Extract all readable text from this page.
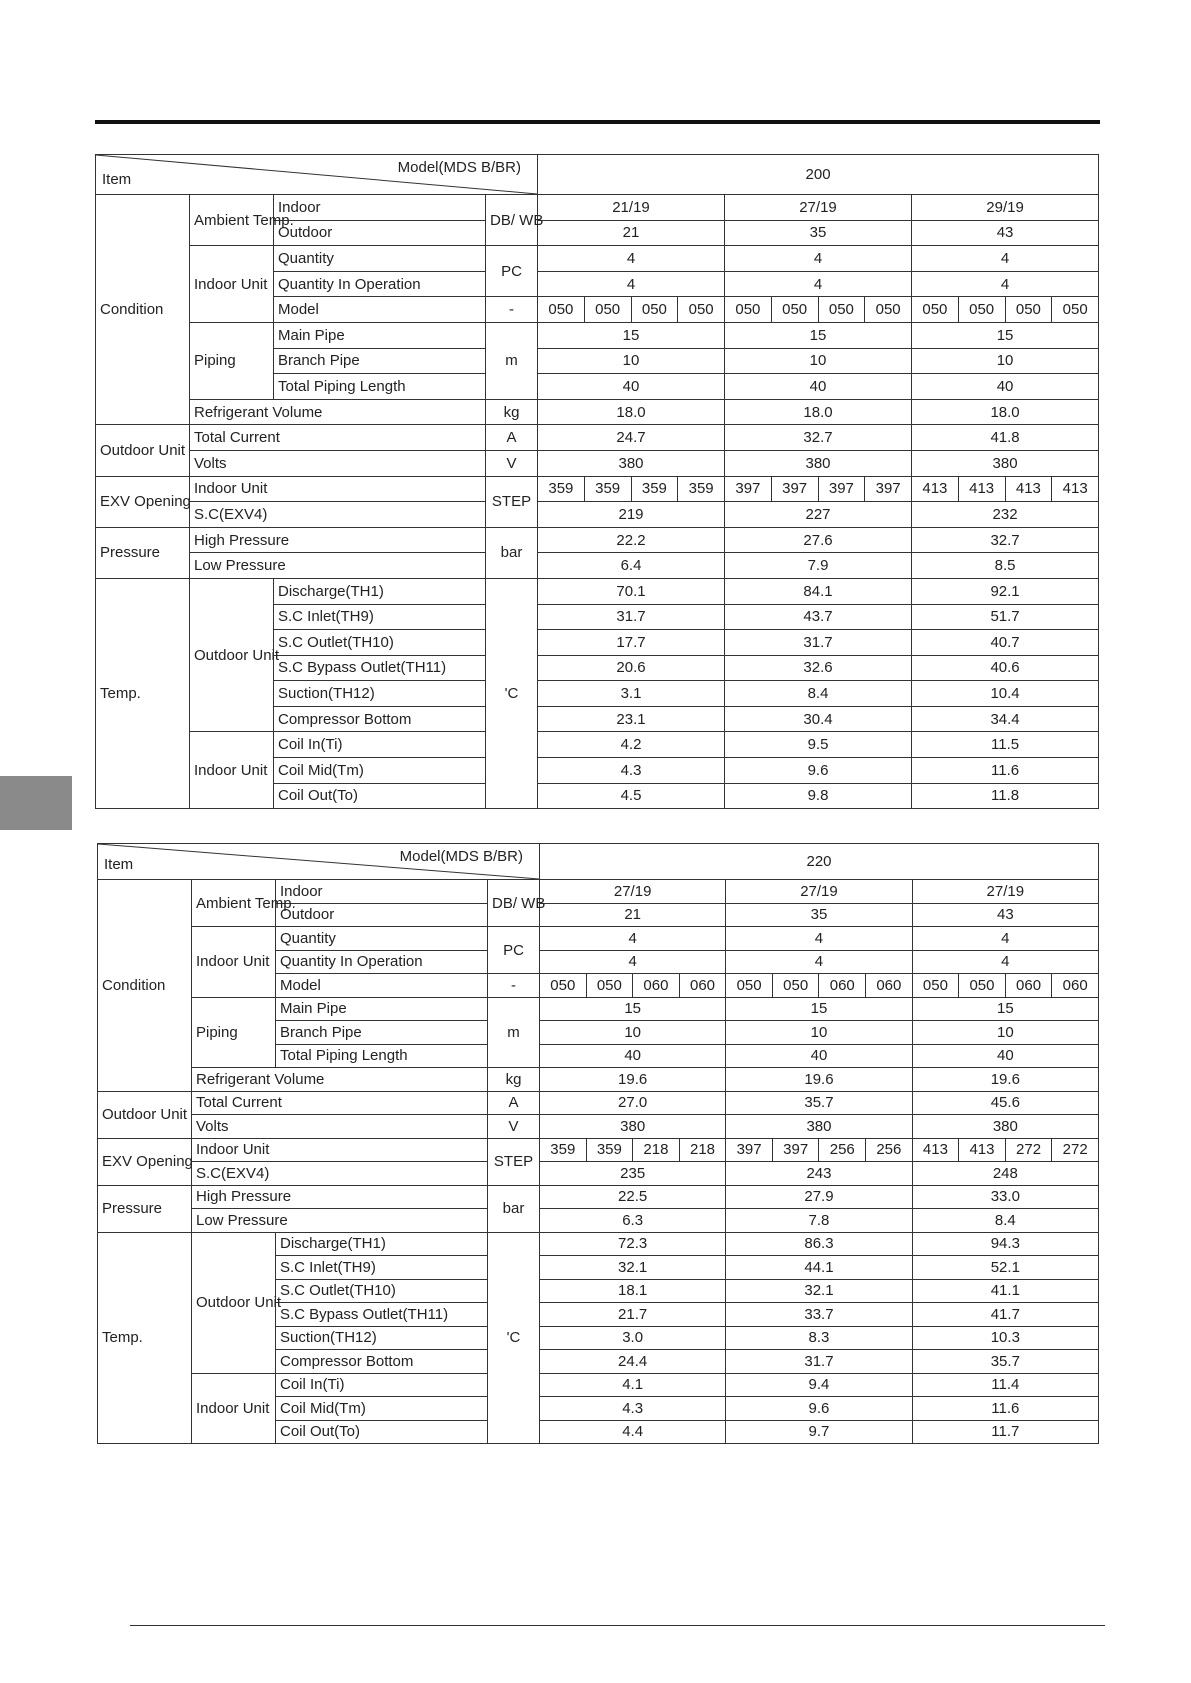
Model(MDS B/BR)
Item				200											
Condition	Ambient Temp.	Indoor	DB/ WB	21/19				27/19				29/19			
		Outdoor		21				35				43			
	Indoor Unit	Quantity	PC	4				4				4			
		Quantity In Operation		4				4				4			
		Model	-	050	050	050	050	050	050	050	050	050	050	050	050
	Piping	Main Pipe	m	15				15				15			
		Branch Pipe		10				10				10			
		Total Piping Length		40				40				40			
	Refrigerant Volume		kg	18.0				18.0				18.0			
Outdoor Unit	Total Current		A	24.7				32.7				41.8			
	Volts		V	380				380				380			
EXV Opening	Indoor Unit		STEP	359	359	359	359	397	397	397	397	413	413	413	413
	S.C(EXV4)			219				227				232			
Pressure	High Pressure		bar	22.2				27.6				32.7			
	Low Pressure			6.4				7.9				8.5			
Temp.	Outdoor Unit	Discharge(TH1)	'C	70.1				84.1				92.1			
		S.C Inlet(TH9)		31.7				43.7				51.7			
		S.C Outlet(TH10)		17.7				31.7				40.7			
		S.C Bypass Outlet(TH11)		20.6				32.6				40.6			
		Suction(TH12)		3.1				8.4				10.4			
		Compressor Bottom		23.1				30.4				34.4			
	Indoor Unit	Coil In(Ti)		4.2				9.5				11.5			
		Coil Mid(Tm)		4.3				9.6				11.6			
		Coil Out(To)		4.5				9.8				11.8			
Model(MDS B/BR)
Item				220											
Condition	Ambient Temp.	Indoor	DB/ WB	27/19				27/19				27/19			
		Outdoor		21				35				43			
	Indoor Unit	Quantity	PC	4				4				4			
		Quantity In Operation		4				4				4			
		Model	-	050	050	060	060	050	050	060	060	050	050	060	060
	Piping	Main Pipe	m	15				15				15			
		Branch Pipe		10				10				10			
		Total Piping Length		40				40				40			
	Refrigerant Volume		kg	19.6				19.6				19.6			
Outdoor Unit	Total Current		A	27.0				35.7				45.6			
	Volts		V	380				380				380			
EXV Opening	Indoor Unit		STEP	359	359	218	218	397	397	256	256	413	413	272	272
	S.C(EXV4)			235				243				248			
Pressure	High Pressure		bar	22.5				27.9				33.0			
	Low Pressure			6.3				7.8				8.4			
Temp.	Outdoor Unit	Discharge(TH1)	'C	72.3				86.3				94.3			
		S.C Inlet(TH9)		32.1				44.1				52.1			
		S.C Outlet(TH10)		18.1				32.1				41.1			
		S.C Bypass Outlet(TH11)		21.7				33.7				41.7			
		Suction(TH12)		3.0				8.3				10.3			
		Compressor Bottom		24.4				31.7				35.7			
	Indoor Unit	Coil In(Ti)		4.1				9.4				11.4			
		Coil Mid(Tm)		4.3				9.6				11.6			
		Coil Out(To)		4.4				9.7				11.7			
